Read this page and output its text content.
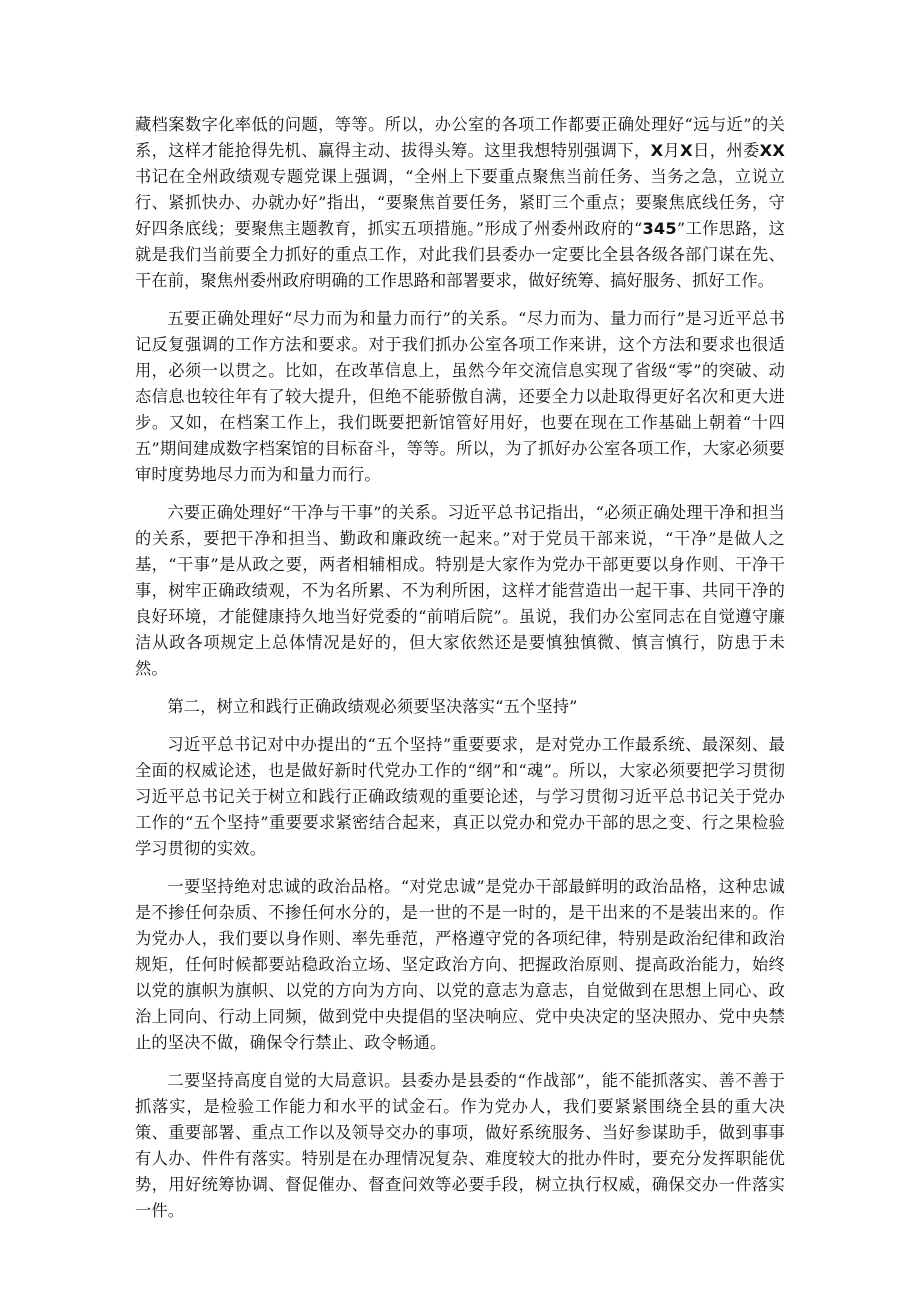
藏档案数字化率低的问题，等等。所以，办公室的各项工作都要正确处理好“远与近”的关系，这样才能抢得先机、赢得主动、拔得头筹。这里我想特别强调下，X月X日，州委XX书记在全州政绩观专题党课上强调，“全州上下要重点聚焦当前任务、当务之急，立说立行、紧抓快办、办就办好”指出，“要聚焦首要任务，紧盯三个重点；要聚焦底线任务，守好四条底线；要聚焦主题教育，抓实五项措施。”形成了州委州政府的“345”工作思路，这就是我们当前要全力抓好的重点工作，对此我们县委办一定要比全县各级各部门谋在先、干在前，聚焦州委州政府明确的工作思路和部署要求，做好统筹、搞好服务、抓好工作。

五要正确处理好“尽力而为和量力而行”的关系。“尽力而为、量力而行”是习近平总书记反复强调的工作方法和要求。对于我们抓办公室各项工作来讲，这个方法和要求也很适用，必须一以贯之。比如，在改革信息上，虽然今年交流信息实现了省级“零”的突破、动态信息也较往年有了较大提升，但绝不能骄傲自满，还要全力以赴取得更好名次和更大进步。又如，在档案工作上，我们既要把新馆管好用好，也要在现在工作基础上朝着“十四五”期间建成数字档案馆的目标奋斗，等等。所以，为了抓好办公室各项工作，大家必须要审时度势地尽力而为和量力而行。

六要正确处理好“干净与干事”的关系。习近平总书记指出，“必须正确处理干净和担当的关系，要把干净和担当、勤政和廉政统一起来。”对于党员干部来说，“干净”是做人之基，“干事”是从政之要，两者相辅相成。特别是大家作为党办干部更要以身作则、干净干事，树牢正确政绩观，不为名所累、不为利所困，这样才能营造出一起干事、共同干净的良好环境，才能健康持久地当好党委的“前哨后院”。虽说，我们办公室同志在自觉遵守廉洁从政各项规定上总体情况是好的，但大家依然还是要慎独慎微、慎言慎行，防患于未然。

第二，树立和践行正确政绩观必须要坚决落实“五个坚持”

习近平总书记对中办提出的“五个坚持”重要要求，是对党办工作最系统、最深刻、最全面的权威论述，也是做好新时代党办工作的“纲”和“魂”。所以，大家必须要把学习贯彻习近平总书记关于树立和践行正确政绩观的重要论述，与学习贯彻习近平总书记关于党办工作的“五个坚持”重要要求紧密结合起来，真正以党办和党办干部的思之变、行之果检验学习贯彻的实效。

一要坚持绝对忠诚的政治品格。“对党忠诚”是党办干部最鲜明的政治品格，这种忠诚是不掺任何杂质、不掺任何水分的，是一世的不是一时的，是干出来的不是装出来的。作为党办人，我们要以身作则、率先垂范，严格遵守党的各项纪律，特别是政治纪律和政治规矩，任何时候都要站稳政治立场、坚定政治方向、把握政治原则、提高政治能力，始终以党的旗帜为旗帜、以党的方向为方向、以党的意志为意志，自觉做到在思想上同心、政治上同向、行动上同频，做到党中央提倡的坚决响应、党中央决定的坚决照办、党中央禁止的坚决不做，确保令行禁止、政令畅通。

二要坚持高度自觉的大局意识。县委办是县委的“作战部”，能不能抓落实、善不善于抓落实，是检验工作能力和水平的试金石。作为党办人，我们要紧紧围绕全县的重大决策、重要部署、重点工作以及领导交办的事项，做好系统服务、当好参谋助手，做到事事有人办、件件有落实。特别是在办理情况复杂、难度较大的批办件时，要充分发挥职能优势，用好统筹协调、督促催办、督查问效等必要手段，树立执行权威，确保交办一件落实一件。
